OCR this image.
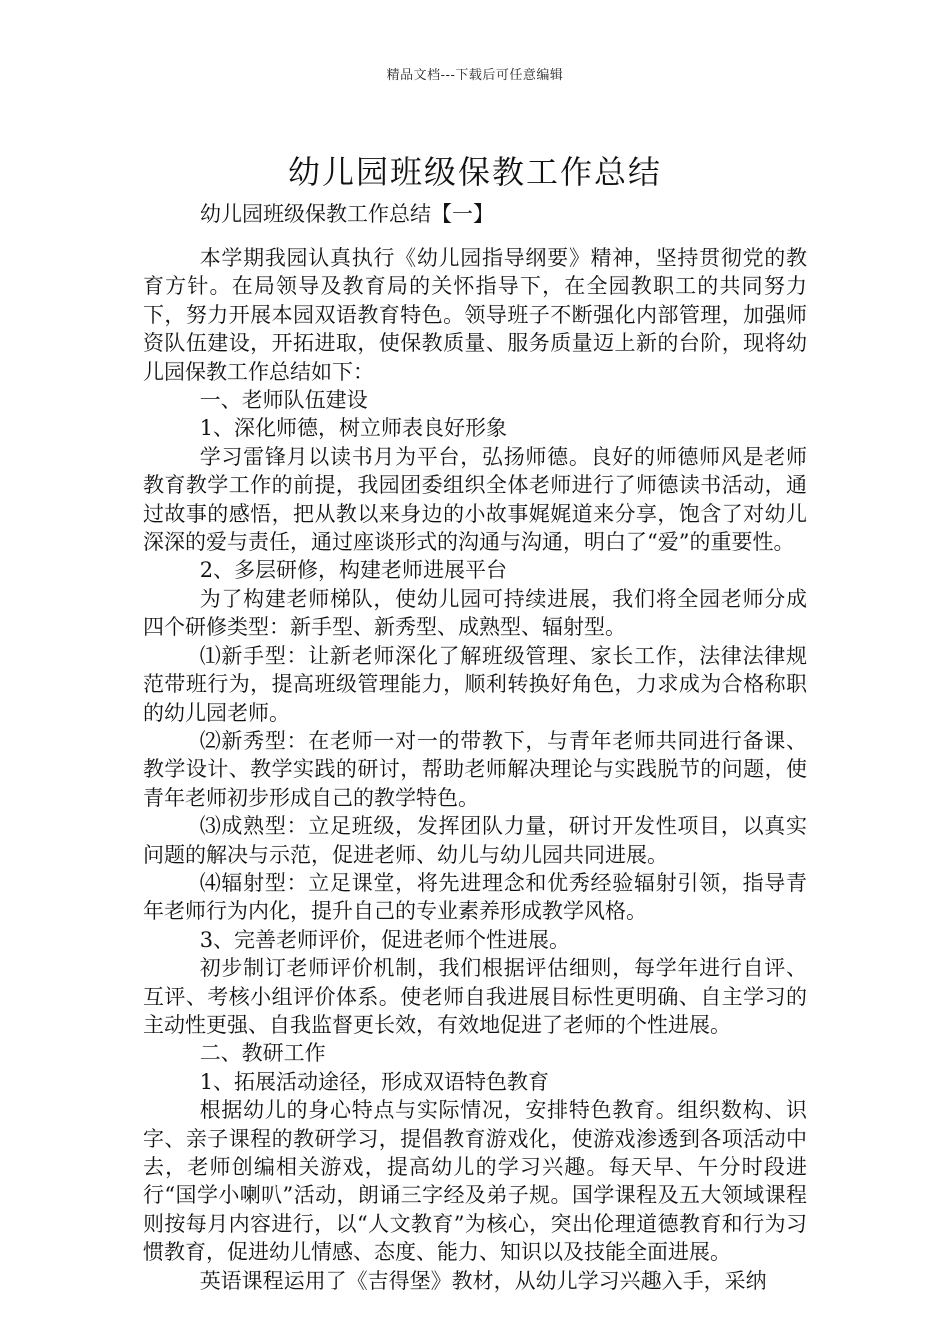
精品文档---下载后可任意编辑
幼儿园班级保教工作总结
幼儿园班级保教工作总结【一】

本学期我园认真执行《幼儿园指导纲要》精神，坚持贯彻党的教育方针。在局领导及教育局的关怀指导下，在全园教职工的共同努力下，努力开展本园双语教育特色。领导班子不断强化内部管理，加强师资队伍建设，开拓进取，使保教质量、服务质量迈上新的台阶，现将幼儿园保教工作总结如下：

一、老师队伍建设

1、深化师德，树立师表良好形象

学习雷锋月以读书月为平台，弘扬师德。良好的师德师风是老师教育教学工作的前提，我园团委组织全体老师进行了师德读书活动，通过故事的感悟，把从教以来身边的小故事娓娓道来分享，饱含了对幼儿深深的爱与责任，通过座谈形式的沟通与沟通，明白了“爱”的重要性。

2、多层研修，构建老师进展平台

为了构建老师梯队，使幼儿园可持续进展，我们将全园老师分成四个研修类型：新手型、新秀型、成熟型、辐射型。

⑴新手型：让新老师深化了解班级管理、家长工作，法律法律规范带班行为，提高班级管理能力，顺利转换好角色，力求成为合格称职的幼儿园老师。

⑵新秀型：在老师一对一的带教下，与青年老师共同进行备课、教学设计、教学实践的研讨，帮助老师解决理论与实践脱节的问题，使青年老师初步形成自己的教学特色。

⑶成熟型：立足班级，发挥团队力量，研讨开发性项目，以真实问题的解决与示范，促进老师、幼儿与幼儿园共同进展。

⑷辐射型：立足课堂，将先进理念和优秀经验辐射引领，指导青年老师行为内化，提升自己的专业素养形成教学风格。

3、完善老师评价，促进老师个性进展。

初步制订老师评价机制，我们根据评估细则，每学年进行自评、互评、考核小组评价体系。使老师自我进展目标性更明确、自主学习的主动性更强、自我监督更长效，有效地促进了老师的个性进展。

二、教研工作

1、拓展活动途径，形成双语特色教育

根据幼儿的身心特点与实际情况，安排特色教育。组织数构、识字、亲子课程的教研学习，提倡教育游戏化，使游戏渗透到各项活动中去，老师创编相关游戏，提高幼儿的学习兴趣。每天早、午分时段进行“国学小喇叭”活动，朗诵三字经及弟子规。国学课程及五大领域课程则按每月内容进行，以“人文教育”为核心，突出伦理道德教育和行为习惯教育，促进幼儿情感、态度、能力、知识以及技能全面进展。

英语课程运用了《吉得堡》教材，从幼儿学习兴趣入手，采纳
